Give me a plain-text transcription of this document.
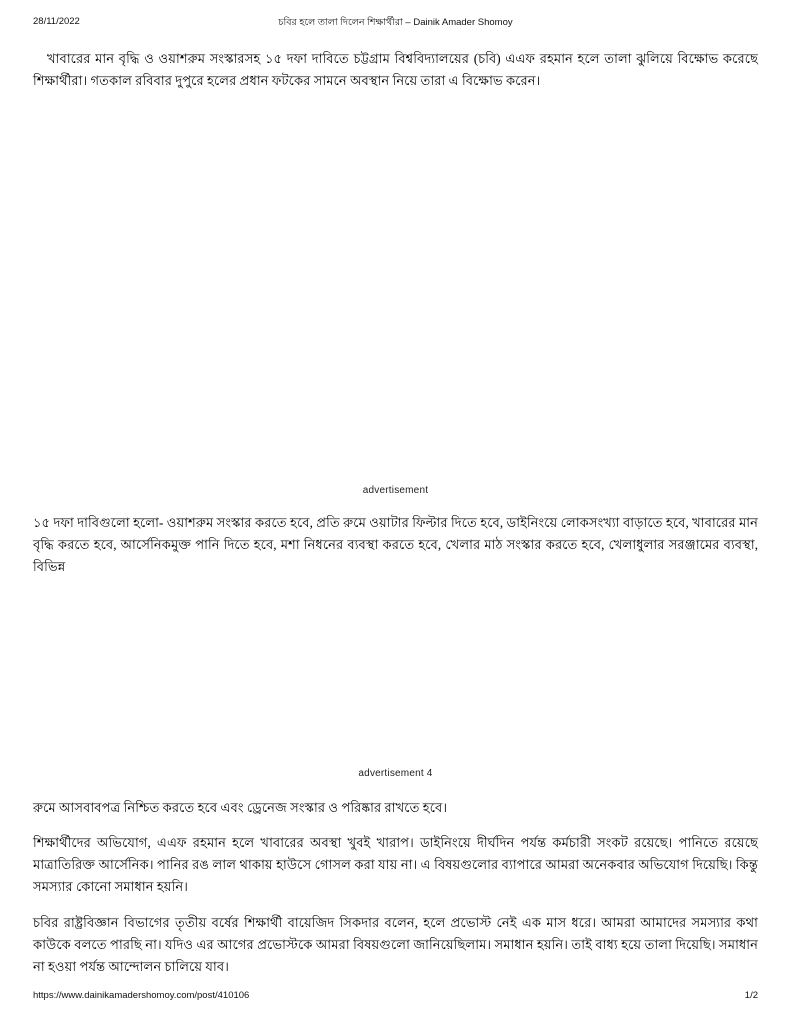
28/11/2022	চবির হলে তালা দিলেন শিক্ষার্থীরা – Dainik Amader Shomoy

খাবারের মান বৃদ্ধি ও ওয়াশরুম সংস্কারসহ ১৫ দফা দাবিতে চট্টগ্রাম বিশ্ববিদ্যালয়ের (চবি) এএফ রহমান হলে তালা ঝুলিয়ে বিক্ষোভ করেছে শিক্ষার্থীরা। গতকাল রবিবার দুপুরে হলের প্রধান ফটকের সামনে অবস্থান নিয়ে তারা এ বিক্ষোভ করেন।

advertisement

১৫ দফা দাবিগুলো হলো- ওয়াশরুম সংস্কার করতে হবে, প্রতি রুমে ওয়াটার ফিল্টার দিতে হবে, ডাইনিংয়ে লোকসংখ্যা বাড়াতে হবে, খাবারের মান বৃদ্ধি করতে হবে, আর্সেনিকমুক্ত পানি দিতে হবে, মশা নিধনের ব্যবস্থা করতে হবে, খেলার মাঠ সংস্কার করতে হবে, খেলাধুলার সরঞ্জামের ব্যবস্থা, বিভিন্ন

advertisement 4

রুমে আসবাবপত্র নিশ্চিত করতে হবে এবং ড্রেনেজ সংস্কার ও পরিষ্কার রাখতে হবে।

শিক্ষার্থীদের অভিযোগ, এএফ রহমান হলে খাবারের অবস্থা খুবই খারাপ। ডাইনিংয়ে দীর্ঘদিন পর্যন্ত কর্মচারী সংকট রয়েছে। পানিতে রয়েছে মাত্রাতিরিক্ত আর্সেনিক। পানির রঙ লাল থাকায় হাউসে গোসল করা যায় না। এ বিষয়গুলোর ব্যাপারে আমরা অনেকবার অভিযোগ দিয়েছি। কিন্তু সমস্যার কোনো সমাধান হয়নি।

চবির রাষ্ট্রবিজ্ঞান বিভাগের তৃতীয় বর্ষের শিক্ষার্থী বায়েজিদ সিকদার বলেন, হলে প্রভোস্ট নেই এক মাস ধরে। আমরা আমাদের সমস্যার কথা কাউকে বলতে পারছি না। যদিও এর আগের প্রভোস্টকে আমরা বিষয়গুলো জানিয়েছিলাম। সমাধান হয়নি। তাই বাধ্য হয়ে তালা দিয়েছি। সমাধান না হওয়া পর্যন্ত আন্দোলন চালিয়ে যাব।

https://www.dainikamadershomoy.com/post/410106	1/2
